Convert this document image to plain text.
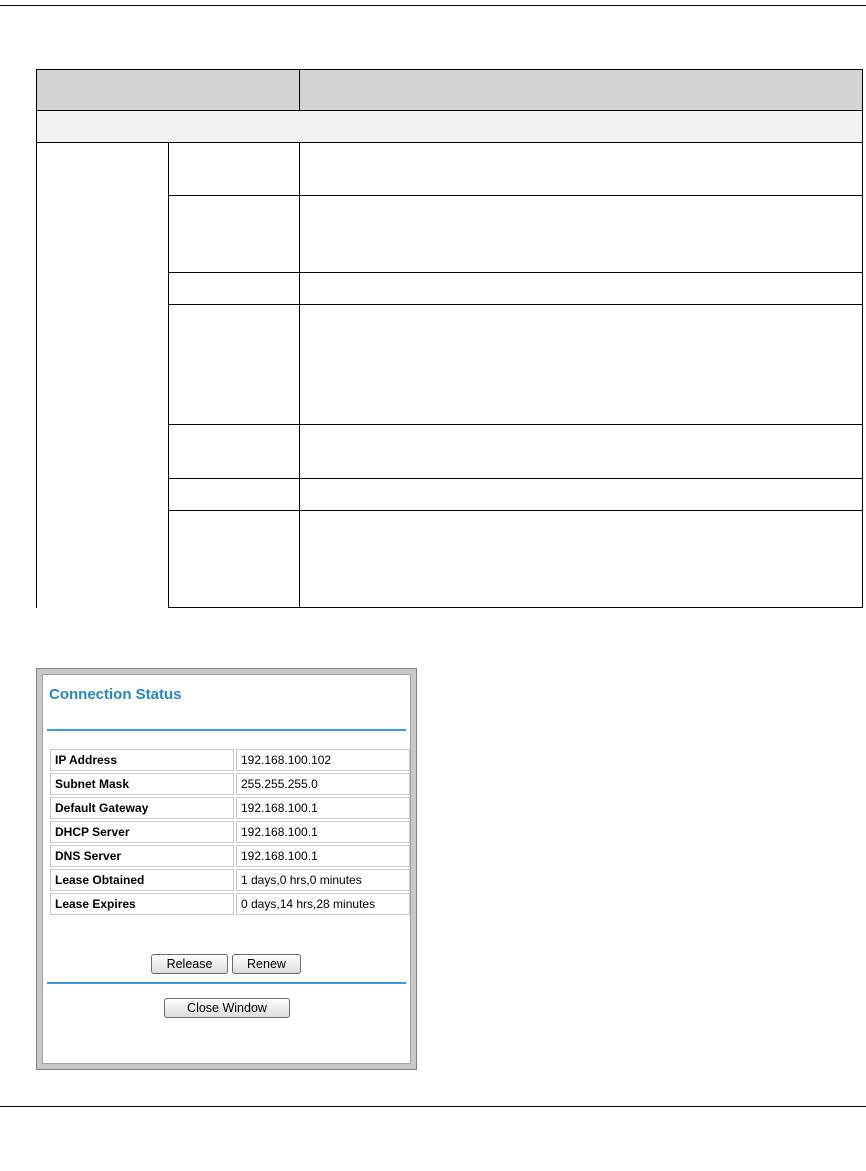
Connection Status
IP Address	192.168.100.102
Subnet Mask	255.255.255.0
Default Gateway	192.168.100.1
DHCP Server	192.168.100.1
DNS Server	192.168.100.1
Lease Obtained	1 days,0 hrs,0 minutes
Lease Expires	0 days,14 hrs,28 minutes
Release	Renew
Close Window
